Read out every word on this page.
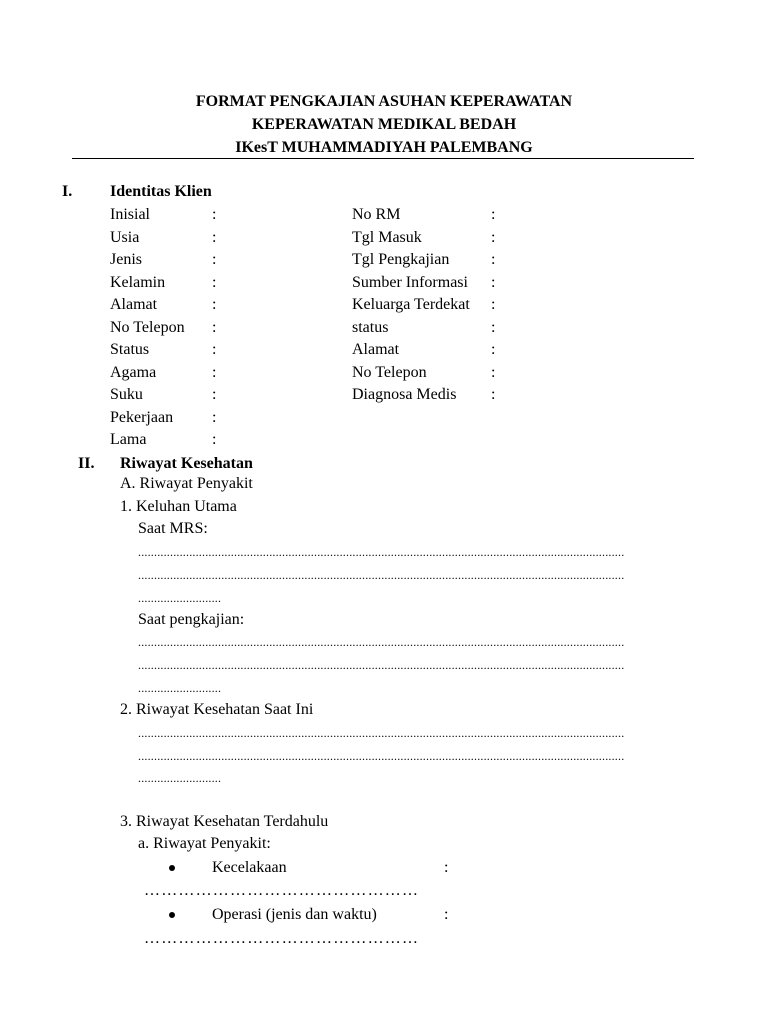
FORMAT PENGKAJIAN ASUHAN KEPERAWATAN
KEPERAWATAN MEDIKAL BEDAH
IKesT MUHAMMADIYAH PALEMBANG
I. Identitas Klien
Inisial	:
Usia	:
Jenis	:
Kelamin	:
Alamat	:
No Telepon :
Status	:
Agama	:
Suku	:
Pekerjaan :
Lama	:
No RM	:
Tgl Masuk	:
Tgl Pengkajian	:
Sumber Informasi :
Keluarga Terdekat :
status	:
Alamat	:
No Telepon	:
Diagnosa Medis :
II. Riwayat Kesehatan
A. Riwayat Penyakit
1. Keluhan Utama
Saat MRS:
........................................................................................................................................................
........................................................................................................................................................
..........................
Saat pengkajian:
........................................................................................................................................................
........................................................................................................................................................
..........................
2. Riwayat Kesehatan Saat Ini
........................................................................................................................................................
........................................................................................................................................................
..........................
3. Riwayat Kesehatan Terdahulu
a. Riwayat Penyakit:
Kecelakaan	:
…………………………………………
Operasi (jenis dan waktu)	:
…………………………………………
